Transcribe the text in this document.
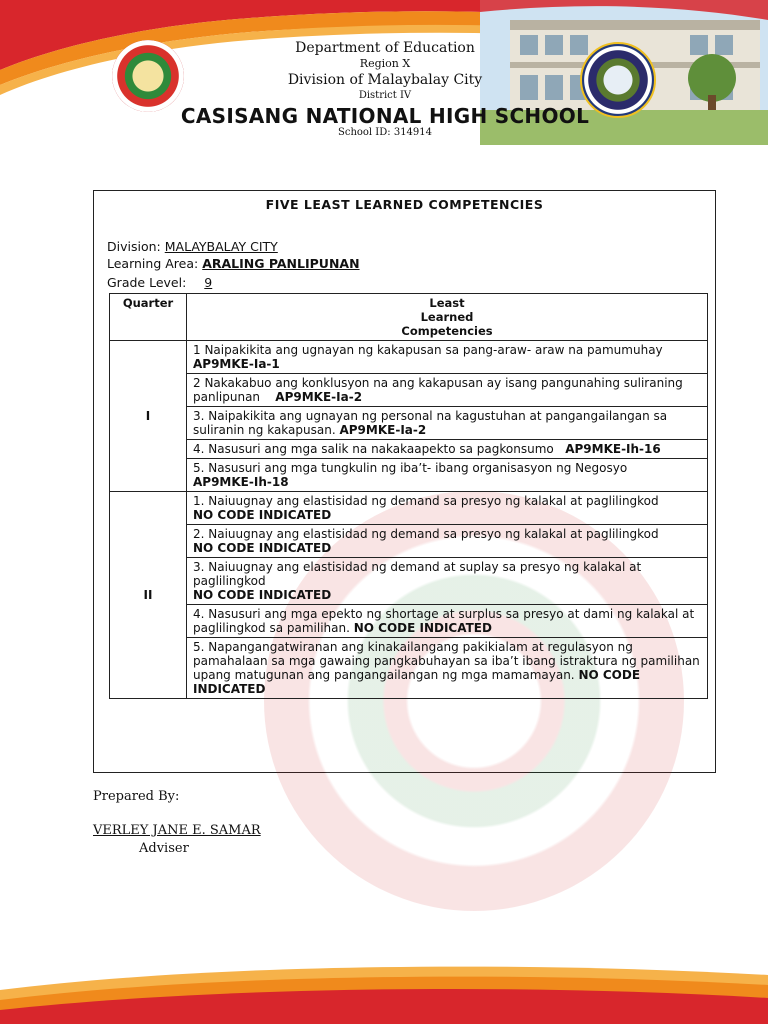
Department of Education
Region X
Division of Malaybalay City
District IV
CASISANG NATIONAL HIGH SCHOOL
School ID: 314914
FIVE LEAST LEARNED COMPETENCIES
Division: MALAYBALAY CITY
Learning Area: ARALING PANLIPUNAN
Grade Level: 9
Quarter	Least
Learned
Competencies
I	1 Naipakikita ang ugnayan ng kakapusan sa pang-araw- araw na pamumuhay
AP9MKE-Ia-1
	2 Nakakabuo ang konklusyon na ang kakapusan ay isang pangunahing suliraning panlipunan AP9MKE-Ia-2
	3. Naipakikita ang ugnayan ng personal na kagustuhan at pangangailangan sa suliranin ng kakapusan. AP9MKE-Ia-2
	4. Nasusuri ang mga salik na nakakaapekto sa pagkonsumo AP9MKE-Ih-16
	5. Nasusuri ang mga tungkulin ng iba’t- ibang organisasyon ng Negosyo
AP9MKE-Ih-18
II	1. Naiuugnay ang elastisidad ng demand sa presyo ng kalakal at paglilingkod
NO CODE INDICATED
	2. Naiuugnay ang elastisidad ng demand sa presyo ng kalakal at paglilingkod
NO CODE INDICATED
	3. Naiuugnay ang elastisidad ng demand at suplay sa presyo ng kalakal at paglilingkod
NO CODE INDICATED
	4. Nasusuri ang mga epekto ng shortage at surplus sa presyo at dami ng kalakal at paglilingkod sa pamilihan. NO CODE INDICATED
	5. Napangangatwiranan ang kinakailangang pakikialam at regulasyon ng pamahalaan sa mga gawaing pangkabuhayan sa iba’t ibang istraktura ng pamilihan upang matugunan ang pangangailangan ng mga mamamayan. NO CODE INDICATED
Prepared By:
VERLEY JANE E. SAMAR
Adviser
